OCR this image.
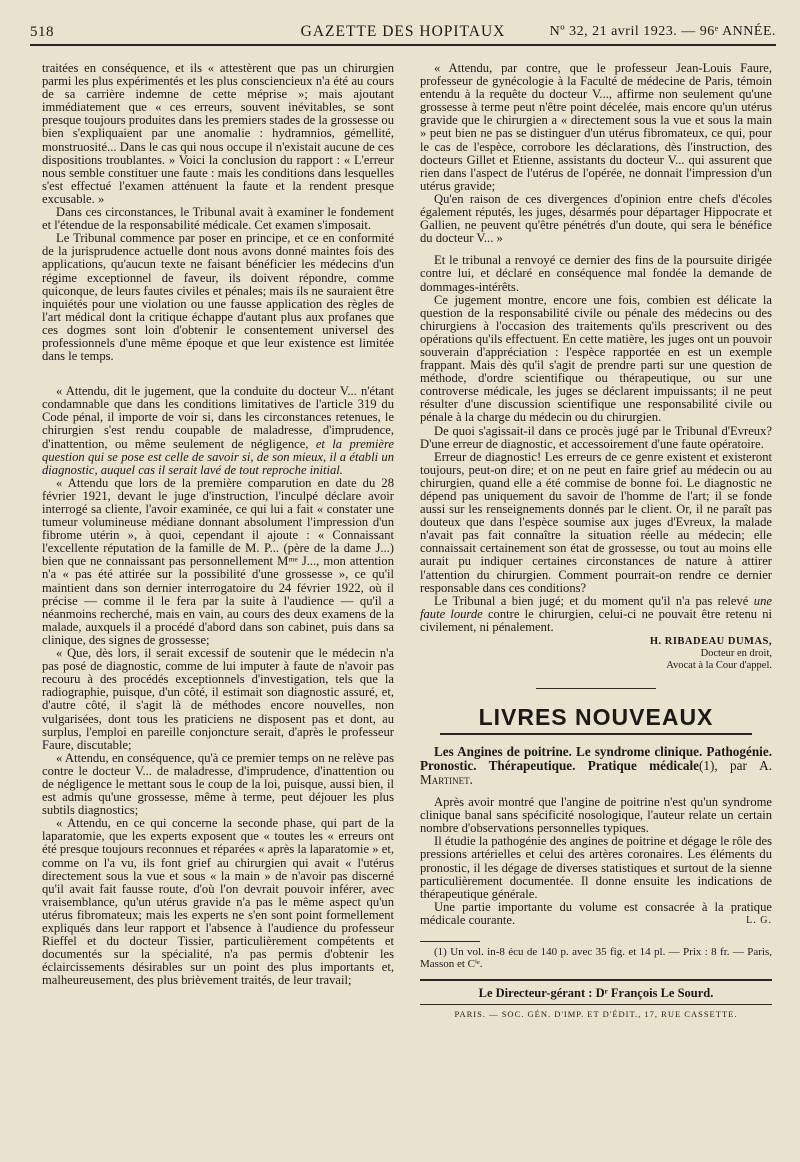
518	GAZETTE DES HOPITAUX	Nº 32, 21 avril 1923. — 96ᵉ ANNÉE.

traitées en conséquence, et ils « attestèrent que pas un chirurgien parmi les plus expérimentés et les plus consciencieux n'a été au cours de sa carrière indemne de cette méprise »; mais ajoutant immédiatement que « ces erreurs, souvent inévitables, se sont presque toujours produites dans les premiers stades de la grossesse ou bien s'expliquaient par une anomalie : hydramnios, gémellité, monstruosité... Dans le cas qui nous occupe il n'existait aucune de ces dispositions troublantes. » Voici la conclusion du rapport : « L'erreur nous semble constituer une faute : mais les conditions dans lesquelles s'est effectué l'examen atténuent la faute et la rendent presque excusable. »

Dans ces circonstances, le Tribunal avait à examiner le fondement et l'étendue de la responsabilité médicale. Cet examen s'imposait.

Le Tribunal commence par poser en principe, et ce en conformité de la jurisprudence actuelle dont nous avons donné maintes fois des applications, qu'aucun texte ne faisant bénéficier les médecins d'un régime exceptionnel de faveur, ils doivent répondre, comme quiconque, de leurs fautes civiles et pénales; mais ils ne sauraient être inquiétés pour une violation ou une fausse application des règles de l'art médical dont la critique échappe d'autant plus aux profanes que ces dogmes sont loin d'obtenir le consentement universel des professionnels d'une même époque et que leur existence est limitée dans le temps.

« Attendu, dit le jugement, que la conduite du docteur V... n'étant condamnable que dans les conditions limitatives de l'article 319 du Code pénal, il importe de voir si, dans les circonstances retenues, le chirurgien s'est rendu coupable de maladresse, d'imprudence, d'inattention, ou même seulement de négligence, et la première question qui se pose est celle de savoir si, de son mieux, il a établi un diagnostic, auquel cas il serait lavé de tout reproche initial.

« Attendu que lors de la première comparution en date du 28 février 1921, devant le juge d'instruction, l'inculpé déclare avoir interrogé sa cliente, l'avoir examinée, ce qui lui a fait « constater une tumeur volumineuse médiane donnant absolument l'impression d'un fibrome utérin », à quoi, cependant il ajoute : « Connaissant l'excellente réputation de la famille de M. P... (père de la dame J...) bien que ne connaissant pas personnellement Mᵐᵉ J..., mon attention n'a « pas été attirée sur la possibilité d'une grossesse », ce qu'il maintient dans son dernier interrogatoire du 24 février 1922, où il précise — comme il le fera par la suite à l'audience — qu'il a néanmoins recherché, mais en vain, au cours des deux examens de la malade, auxquels il a procédé d'abord dans son cabinet, puis dans sa clinique, des signes de grossesse;

« Que, dès lors, il serait excessif de soutenir que le médecin n'a pas posé de diagnostic, comme de lui imputer à faute de n'avoir pas recouru à des procédés exceptionnels d'investigation, tels que la radiographie, puisque, d'un côté, il estimait son diagnostic assuré, et, d'autre côté, il s'agit là de méthodes encore nouvelles, non vulgarisées, dont tous les praticiens ne disposent pas et dont, au surplus, l'emploi en pareille conjoncture serait, d'après le professeur Faure, discutable;

« Attendu, en conséquence, qu'à ce premier temps on ne relève pas contre le docteur V... de maladresse, d'imprudence, d'inattention ou de négligence le mettant sous le coup de la loi, puisque, aussi bien, il est admis qu'une grossesse, même à terme, peut déjouer les plus subtils diagnostics;

« Attendu, en ce qui concerne la seconde phase, qui part de la laparatomie, que les experts exposent que « toutes les « erreurs ont été presque toujours reconnues et réparées « après la laparatomie » et, comme on l'a vu, ils font grief au chirurgien qui avait « l'utérus directement sous la vue et sous « la main » de n'avoir pas discerné qu'il avait fait fausse route, d'où l'on devrait pouvoir inférer, avec vraisemblance, qu'un utérus gravide n'a pas le même aspect qu'un utérus fibromateux; mais les experts ne s'en sont point formellement expliqués dans leur rapport et l'absence à l'audience du professeur Rieffel et du docteur Tissier, particulièrement compétents et documentés sur la spécialité, n'a pas permis d'obtenir les éclaircissements désirables sur un point des plus importants et, malheureusement, des plus brièvement traités, de leur travail;

« Attendu, par contre, que le professeur Jean-Louis Faure, professeur de gynécologie à la Faculté de médecine de Paris, témoin entendu à la requête du docteur V..., affirme non seulement qu'une grossesse à terme peut n'être point décelée, mais encore qu'un utérus gravide que le chirurgien a « directement sous la vue et sous la main » peut bien ne pas se distinguer d'un utérus fibromateux, ce qui, pour le cas de l'espèce, corrobore les déclarations, dès l'instruction, des docteurs Gillet et Etienne, assistants du docteur V... qui assurent que rien dans l'aspect de l'utérus de l'opérée, ne donnait l'impression d'un utérus gravide;

Qu'en raison de ces divergences d'opinion entre chefs d'écoles également réputés, les juges, désarmés pour départager Hippocrate et Gallien, ne peuvent qu'être pénétrés d'un doute, qui sera le bénéfice du docteur V... »

Et le tribunal a renvoyé ce dernier des fins de la poursuite dirigée contre lui, et déclaré en conséquence mal fondée la demande de dommages-intérêts.

Ce jugement montre, encore une fois, combien est délicate la question de la responsabilité civile ou pénale des médecins ou des chirurgiens à l'occasion des traitements qu'ils prescrivent ou des opérations qu'ils effectuent. En cette matière, les juges ont un pouvoir souverain d'appréciation : l'espèce rapportée en est un exemple frappant. Mais dès qu'il s'agit de prendre parti sur une question de méthode, d'ordre scientifique ou thérapeutique, ou sur une controverse médicale, les juges se déclarent impuissants; il ne peut résulter d'une discussion scientifique une responsabilité civile ou pénale à la charge du médecin ou du chirurgien.

De quoi s'agissait-il dans ce procès jugé par le Tribunal d'Evreux? D'une erreur de diagnostic, et accessoirement d'une faute opératoire.

Erreur de diagnostic! Les erreurs de ce genre existent et existeront toujours, peut-on dire; et on ne peut en faire grief au médecin ou au chirurgien, quand elle a été commise de bonne foi. Le diagnostic ne dépend pas uniquement du savoir de l'homme de l'art; il se fonde aussi sur les renseignements donnés par le client. Or, il ne paraît pas douteux que dans l'espèce soumise aux juges d'Evreux, la malade n'avait pas fait connaître la situation réelle au médecin; elle connaissait certainement son état de grossesse, ou tout au moins elle aurait pu indiquer certaines circonstances de nature à attirer l'attention du chirurgien. Comment pourrait-on rendre ce dernier responsable dans ces conditions?

Le Tribunal a bien jugé; et du moment qu'il n'a pas relevé une faute lourde contre le chirurgien, celui-ci ne pouvait être retenu ni civilement, ni pénalement.

H. RIBADEAU DUMAS,
Docteur en droit,
Avocat à la Cour d'appel.
LIVRES NOUVEAUX

Les Angines de poitrine. Le syndrome clinique. Pathogénie. Pronostic. Thérapeutique. Pratique médicale(1), par A. Martinet.

Après avoir montré que l'angine de poitrine n'est qu'un syndrome clinique banal sans spécificité nosologique, l'auteur relate un certain nombre d'observations personnelles typiques.

Il étudie la pathogénie des angines de poitrine et dégage le rôle des pressions artérielles et celui des artères coronaires. Les éléments du pronostic, il les dégage de diverses statistiques et surtout de la sienne particulièrement documentée. Il donne ensuite les indications de thérapeutique générale.

Une partie importante du volume est consacrée à la pratique médicale courante.	L. G.

(1) Un vol. in-8 écu de 140 p. avec 35 fig. et 14 pl. — Prix : 8 fr. — Paris, Masson et Cⁱᵉ.

Le Directeur-gérant : Dʳ François Le Sourd.
PARIS. — SOC. GÉN. D'IMP. ET D'ÉDIT., 17, RUE CASSETTE.
